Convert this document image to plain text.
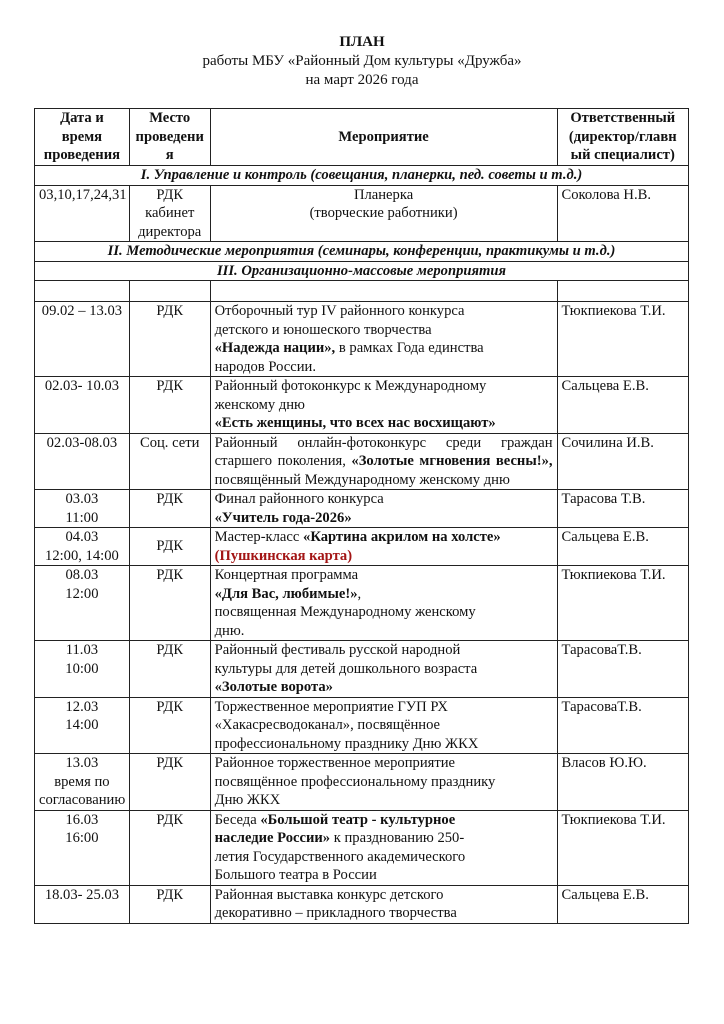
ПЛАН
работы МБУ «Районный Дом культуры «Дружба»
на март 2026 года
Дата и время
проведения	Место
проведени
я	Мероприятие	Ответственный
(директор/главн
ый специалист)

I. Управление и контроль (совещания, планерки, пед. советы и т.д.)			
03,10,17,24,31	РДК
кабинет
директора	Планерка
(творческие работники)	Соколова Н.В.
II. Методические мероприятия (семинары, конференции, практикумы и т.д.)			
III. Организационно-массовые мероприятия			

09.02 – 13.03	РДК	Отборочный тур IV районного конкурса
детского и юношеского творчества
«Надежда нации», в рамках Года единства
народов России.	Тюкпиекова Т.И.
02.03- 10.03	РДК	Районный фотоконкурс к Международному
женскому дню
«Есть женщины, что всех нас восхищают»	Сальцева Е.В.
02.03-08.03	Соц. сети	Районный онлайн-фотоконкурс среди граждан старшего поколения, «Золотые мгновения весны!», посвящённый Международному женскому дню	Сочилина И.В.

03.03
11:00	РДК	Финал районного конкурса
«Учитель года-2026»	Тарасова Т.В.

04.03
12:00, 14:00	РДК	Мастер-класс «Картина акрилом на холсте»
(Пушкинская карта)	Сальцева Е.В.

08.03
12:00	РДК	Концертная программа
«Для Вас, любимые!»,
посвященная Международному женскому
дню.	Тюкпиекова Т.И.

11.03
10:00	РДК	Районный фестиваль русской народной
культуры для детей дошкольного возраста
«Золотые ворота»	ТарасоваТ.В.

12.03
14:00	РДК	Торжественное мероприятие ГУП РХ
«Хакасресводоканал», посвящённое
профессиональному празднику Дню ЖКХ	ТарасоваТ.В.

13.03
время по
согласованию	РДК	Районное торжественное мероприятие
посвящённое профессиональному празднику
Дню ЖКХ	Власов Ю.Ю.

16.03
16:00	РДК	Беседа «Большой театр - культурное
наследие России» к празднованию 250-
летия Государственного академического
Большого театра в России	Тюкпиекова Т.И.
18.03- 25.03	РДК	Районная выставка конкурс детского
декоративно – прикладного творчества	Сальцева Е.В.
